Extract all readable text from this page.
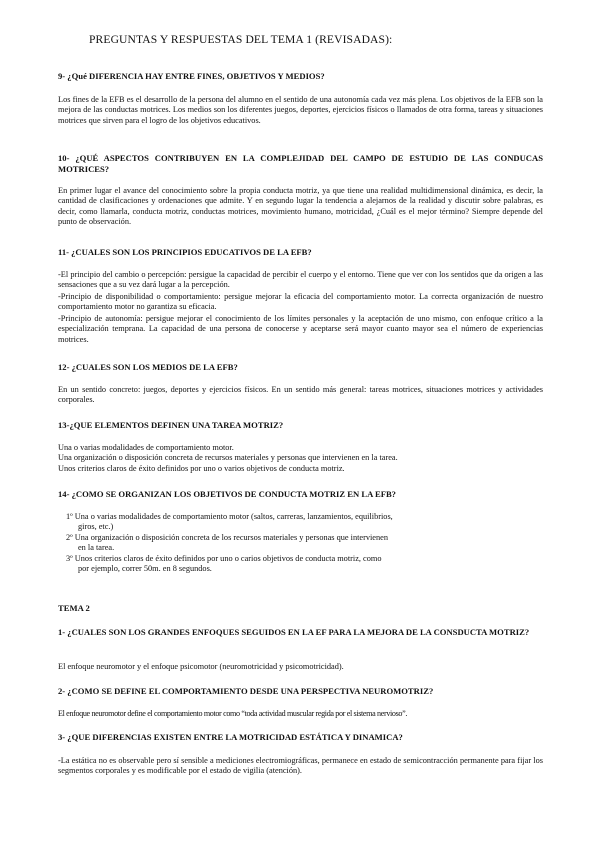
PREGUNTAS Y RESPUESTAS DEL TEMA 1 (REVISADAS):
9- ¿Qué DIFERENCIA HAY ENTRE FINES, OBJETIVOS Y MEDIOS?

Los fines de la EFB es el desarrollo de la persona del alumno en el sentido de una autonomía cada vez más plena. Los objetivos de la EFB son la mejora de las conductas motrices. Los medios son los diferentes juegos, deportes, ejercicios físicos o llamados de otra forma, tareas y situaciones motrices que sirven para el logro de los objetivos educativos.

10- ¿QUÉ ASPECTOS CONTRIBUYEN EN LA COMPLEJIDAD DEL CAMPO DE ESTUDIO DE LAS CONDUCAS MOTRICES?

En primer lugar el avance del conocimiento sobre la propia conducta motriz, ya que tiene una realidad multidimensional dinámica, es decir, la cantidad de clasificaciones y ordenaciones que admite. Y en segundo lugar la tendencia a alejarnos de la realidad y discutir sobre palabras, es decir, como llamarla, conducta motriz, conductas motrices, movimiento humano, motricidad, ¿Cuál es el mejor término? Siempre depende del punto de observación.

11- ¿CUALES SON LOS PRINCIPIOS EDUCATIVOS DE LA EFB?

-El principio del cambio o percepción: persigue la capacidad de percibir el cuerpo y el entorno. Tiene que ver con los sentidos que da origen a las sensaciones que a su vez dará lugar a la percepción.

-Principio de disponibilidad o comportamiento: persigue mejorar la eficacia del comportamiento motor. La correcta organización de nuestro comportamiento motor no garantiza su eficacia.

-Principio de autonomía: persigue mejorar el conocimiento de los límites personales y la aceptación de uno mismo, con enfoque crítico a la especialización temprana. La capacidad de una persona de conocerse y aceptarse será mayor cuanto mayor sea el número de experiencias motrices.

12- ¿CUALES SON LOS MEDIOS DE LA EFB?

En un sentido concreto: juegos, deportes y ejercicios físicos. En un sentido más general: tareas motrices, situaciones motrices y actividades corporales.

13-¿QUE ELEMENTOS DEFINEN UNA TAREA MOTRIZ?
Una o varias modalidades de comportamiento motor.
Una organización o disposición concreta de recursos materiales y personas que intervienen en la tarea.
Unos criterios claros de éxito definidos por uno o varios objetivos de conducta motriz.
14- ¿COMO SE ORGANIZAN LOS OBJETIVOS DE CONDUCTA MOTRIZ EN LA EFB?
1º Una o varias modalidades de comportamiento motor (saltos, carreras, lanzamientos, equilibrios,
giros, etc.)
2º Una organización o disposición concreta de los recursos materiales y personas que intervienen
en la tarea.
3º Unos criterios claros de éxito definidos por uno o carios objetivos de conducta motriz, como
por ejemplo, correr 50m. en 8 segundos.
TEMA 2
1- ¿CUALES SON LOS GRANDES ENFOQUES SEGUIDOS EN LA EF PARA LA MEJORA DE LA CONSDUCTA MOTRIZ?

El enfoque neuromotor y el enfoque psicomotor (neuromotricidad y psicomotricidad).

2- ¿COMO SE DEFINE EL COMPORTAMIENTO DESDE UNA PERSPECTIVA NEUROMOTRIZ?
El enfoque neuromotor define el comportamiento motor como “toda actividad muscular regida por el sistema nervioso”.
3- ¿QUE DIFERENCIAS EXISTEN ENTRE LA MOTRICIDAD ESTÁTICA Y DINAMICA?

-La estática no es observable pero sí sensible a mediciones electromiográficas, permanece en estado de semicontracción permanente para fijar los segmentos corporales y es modificable por el estado de vigilia (atención).
